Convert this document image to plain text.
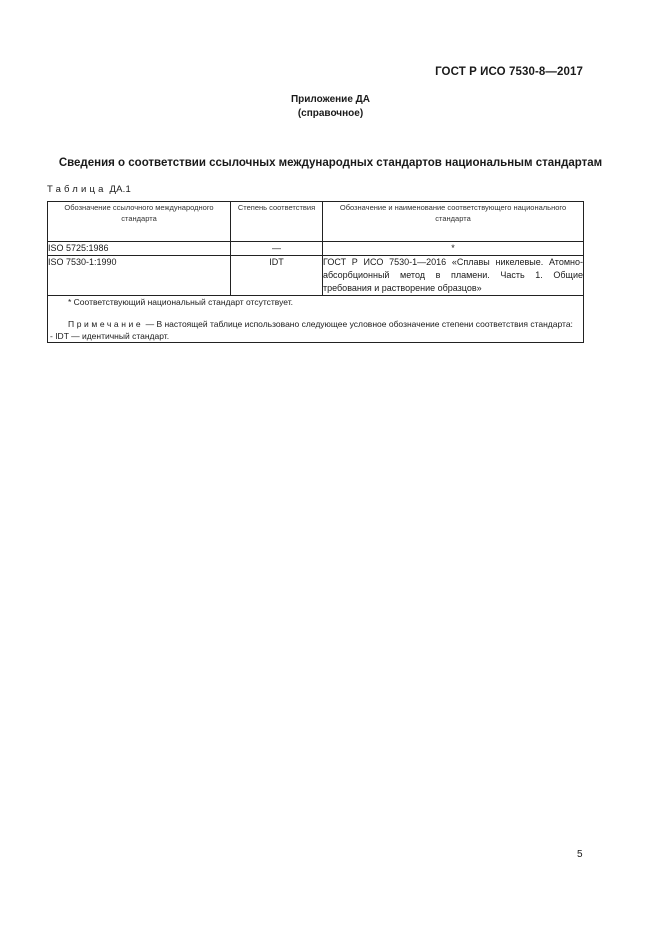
ГОСТ Р ИСО 7530-8—2017
Приложение ДА
(справочное)
Сведения о соответствии ссылочных международных стандартов национальным стандартам
Таблица ДА.1
Обозначение ссылочного международного стандарта	Степень соответствия	Обозначение и наименование соответствующего национального стандарта
ISO 5725:1986	—	*
ISO 7530-1:1990	IDT	ГОСТ Р ИСО 7530-1—2016 «Сплавы никелевые. Атомно-абсорбционный метод в пламени. Часть 1. Общие требования и растворение образцов»

* Соответствующий национальный стандарт отсутствует.
Примечание — В настоящей таблице использовано следующее условное обозначение степени соответствия стандарта:
- IDT — идентичный стандарт.		
5
